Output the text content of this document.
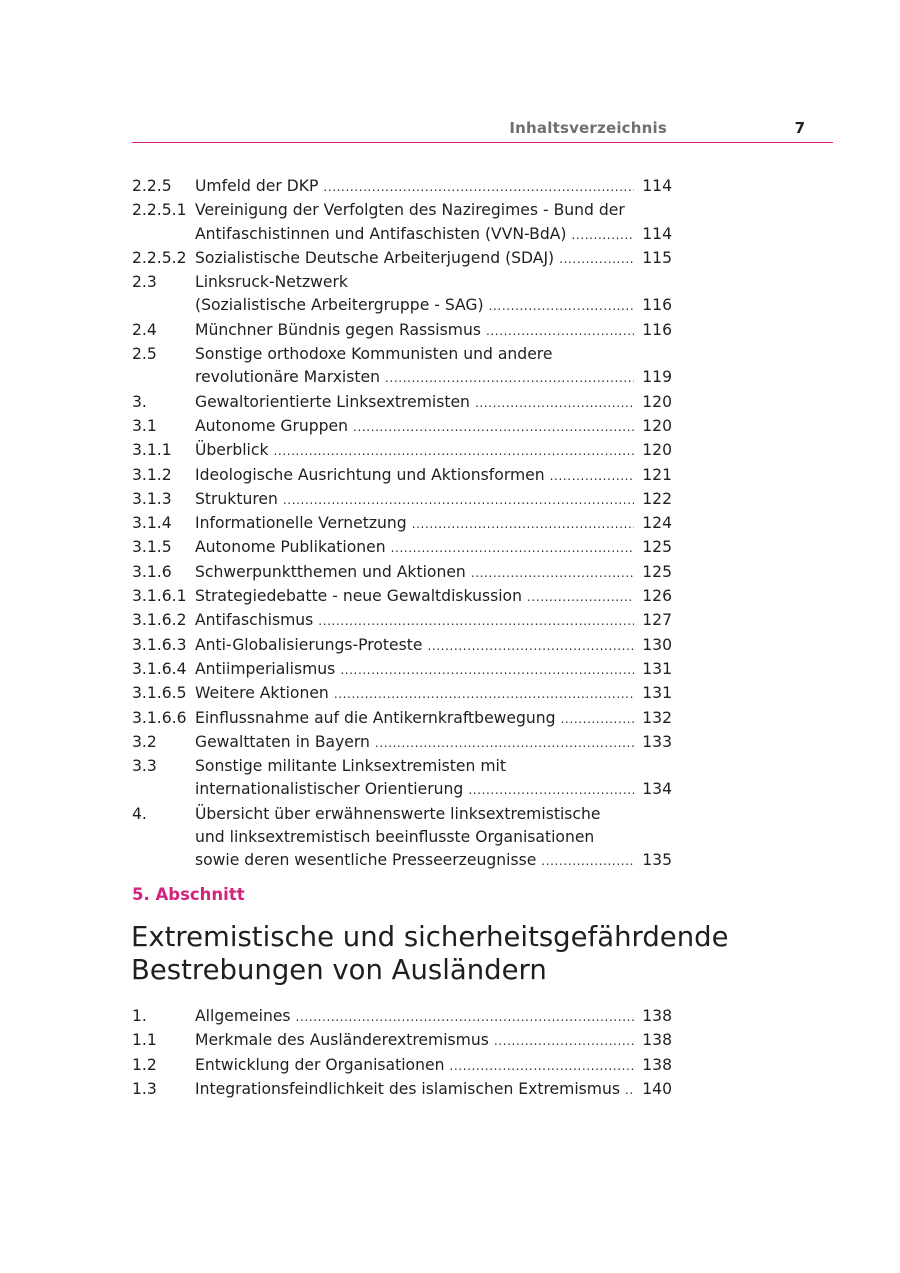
Inhaltsverzeichnis	7
2.2.5	Umfeld der DKP .....	114
2.2.5.1 Vereinigung der Verfolgten des Naziregimes - Bund der
Antifaschistinnen und Antifaschisten (VVN-BdA) .....	114
2.2.5.2 Sozialistische Deutsche Arbeiterjugend (SDAJ) .....	115
2.3	Linksruck-Netzwerk
(Sozialistische Arbeitergruppe - SAG) .....	116
2.4	Münchner Bündnis gegen Rassismus .....	116
2.5	Sonstige orthodoxe Kommunisten und andere
revolutionäre Marxisten .....	119
3.	Gewaltorientierte Linksextremisten .....	120
3.1	Autonome Gruppen .....	120
3.1.1	Überblick .....	120
3.1.2	Ideologische Ausrichtung und Aktionsformen .....	121
3.1.3	Strukturen .....	122
3.1.4	Informationelle Vernetzung .....	124
3.1.5	Autonome Publikationen .....	125
3.1.6	Schwerpunktthemen und Aktionen .....	125
3.1.6.1 Strategiedebatte - neue Gewaltdiskussion .....	126
3.1.6.2 Antifaschismus .....	127
3.1.6.3 Anti-Globalisierungs-Proteste .....	130
3.1.6.4 Antiimperialismus .....	131
3.1.6.5 Weitere Aktionen .....	131
3.1.6.6 Einflussnahme auf die Antikernkraftbewegung .....	132
3.2	Gewalttaten in Bayern .....	133
3.3	Sonstige militante Linksextremisten mit
internationalistischer Orientierung .....	134
4.	Übersicht über erwähnenswerte linksextremistische
und linksextremistisch beeinflusste Organisationen
sowie deren wesentliche Presseerzeugnisse .....	135
5. Abschnitt
Extremistische und sicherheitsgefährdende
Bestrebungen von Ausländern
1.	Allgemeines .....	138
1.1	Merkmale des Ausländerextremismus .....	138
1.2	Entwicklung der Organisationen .....	138
1.3	Integrationsfeindlichkeit des islamischen Extremismus ..... 140
